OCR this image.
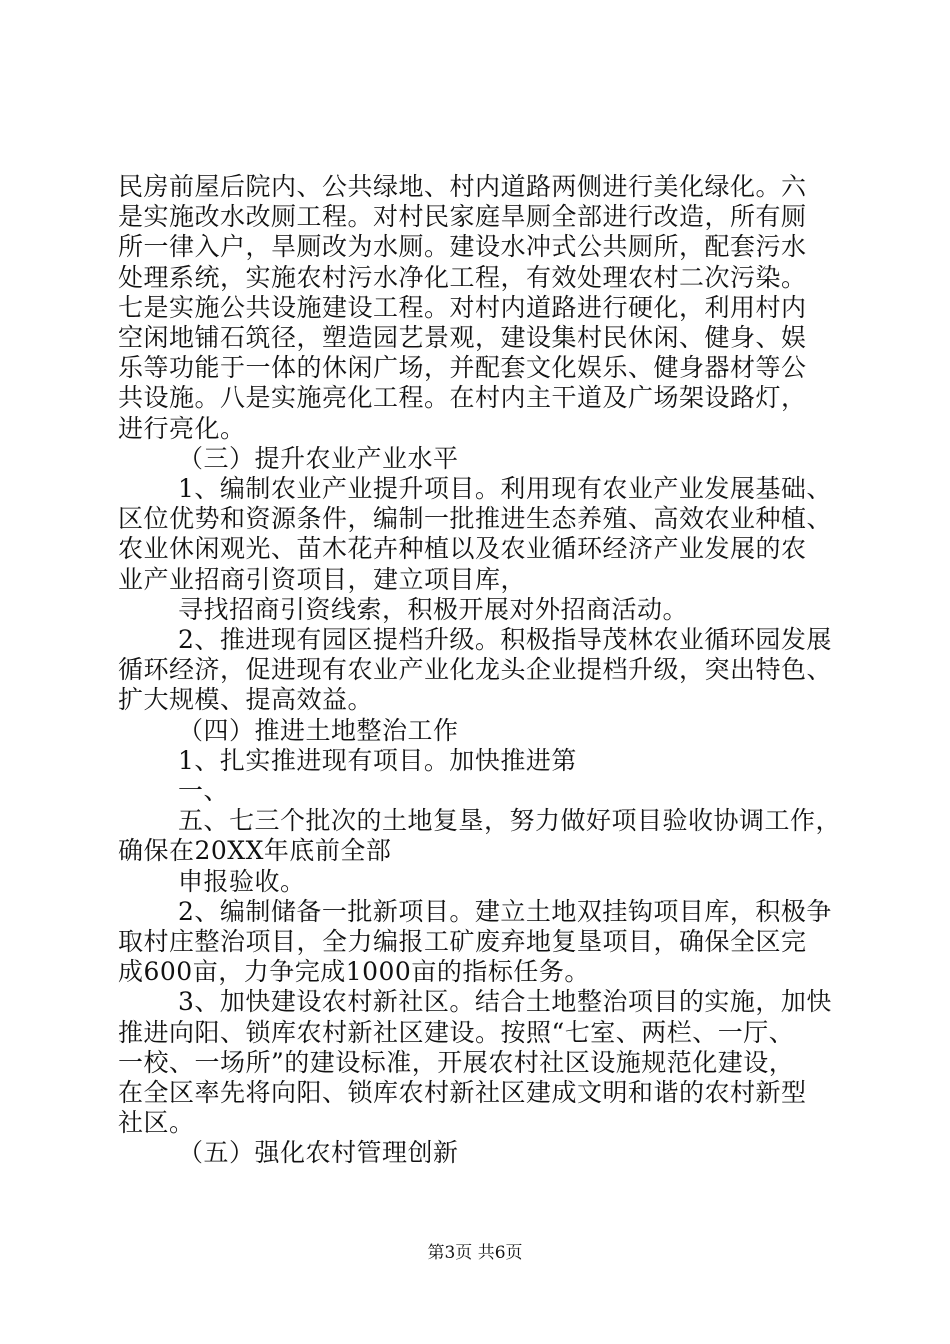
民房前屋后院内、公共绿地、村内道路两侧进行美化绿化。六
是实施改水改厕工程。对村民家庭旱厕全部进行改造，所有厕
所一律入户，旱厕改为水厕。建设水冲式公共厕所，配套污水
处理系统，实施农村污水净化工程，有效处理农村二次污染。
七是实施公共设施建设工程。对村内道路进行硬化，利用村内
空闲地铺石筑径，塑造园艺景观，建设集村民休闲、健身、娱
乐等功能于一体的休闲广场，并配套文化娱乐、健身器材等公
共设施。八是实施亮化工程。在村内主干道及广场架设路灯，
进行亮化。
（三）提升农业产业水平
1、编制农业产业提升项目。利用现有农业产业发展基础、
区位优势和资源条件，编制一批推进生态养殖、高效农业种植、
农业休闲观光、苗木花卉种植以及农业循环经济产业发展的农
业产业招商引资项目，建立项目库，
寻找招商引资线索，积极开展对外招商活动。
2、推进现有园区提档升级。积极指导茂林农业循环园发展
循环经济，促进现有农业产业化龙头企业提档升级，突出特色、
扩大规模、提高效益。
（四）推进土地整治工作
1、扎实推进现有项目。加快推进第
一、
五、七三个批次的土地复垦，努力做好项目验收协调工作，
确保在20XX年底前全部
申报验收。
2、编制储备一批新项目。建立土地双挂钩项目库，积极争
取村庄整治项目，全力编报工矿废弃地复垦项目，确保全区完
成600亩，力争完成1000亩的指标任务。
3、加快建设农村新社区。结合土地整治项目的实施，加快
推进向阳、锁库农村新社区建设。按照“七室、两栏、一厅、
一校、一场所”的建设标准，开展农村社区设施规范化建设，
在全区率先将向阳、锁库农村新社区建成文明和谐的农村新型
社区。
（五）强化农村管理创新
第3页 共6页
